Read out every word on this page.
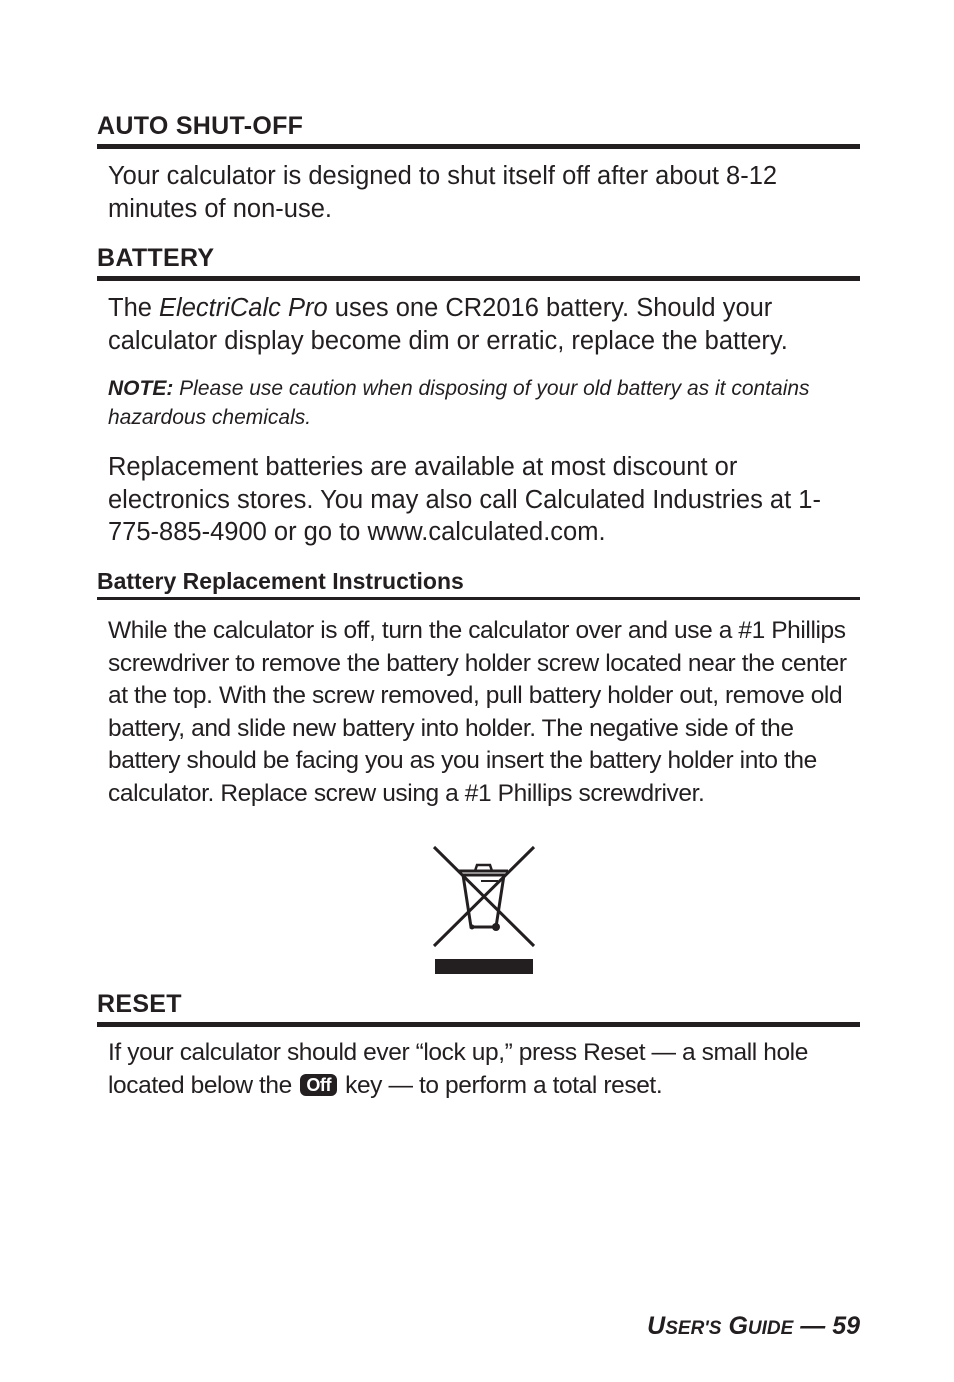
AUTO SHUT-OFF

Your calculator is designed to shut itself off after about 8-12 minutes of non-use.

BATTERY

The ElectriCalc Pro uses one CR2016 battery. Should your calculator display become dim or erratic, replace the battery.

NOTE: Please use caution when disposing of your old battery as it contains hazardous chemicals.

Replacement batteries are available at most discount or electronics stores. You may also call Calculated Industries at 1-775-885-4900 or go to www.calculated.com.

Battery Replacement Instructions

While the calculator is off, turn the calculator over and use a #1 Phillips screwdriver to remove the battery holder screw located near the center at the top. With the screw removed, pull battery holder out, remove old battery, and slide new battery into holder. The negative side of the battery should be facing you as you insert the battery holder into the calculator. Replace screw using a #1 Phillips screwdriver.

RESET

If your calculator should ever “lock up,” press Reset — a small hole located below the Off key — to perform a total reset.

USER'S GUIDE — 59
